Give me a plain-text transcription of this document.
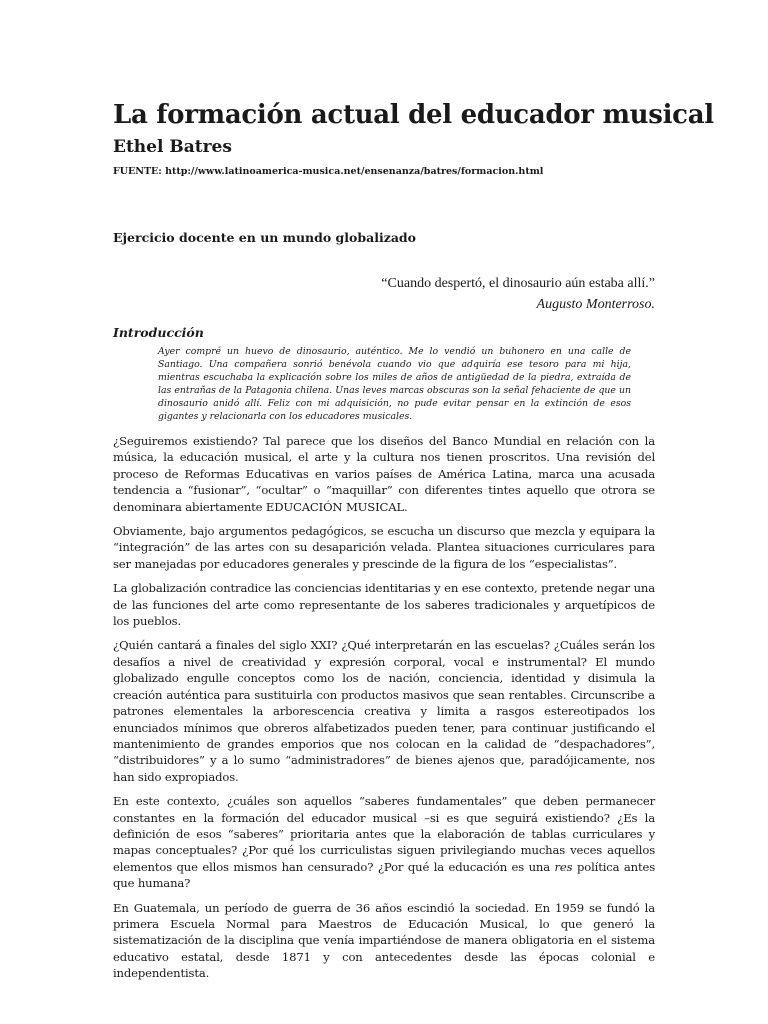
La formación actual del educador musical
Ethel Batres
FUENTE: http://www.latinoamerica-musica.net/ensenanza/batres/formacion.html
Ejercicio docente en un mundo globalizado
“Cuando despertó, el dinosaurio aún estaba allí.”
Augusto Monterroso.
Introducción
Ayer compré un huevo de dinosaurio, auténtico. Me lo vendió un buhonero en una calle de Santiago. Una compañera sonrió benévola cuando vio que adquiría ese tesoro para mi hija, mientras escuchaba la explicación sobre los miles de años de antigüedad de la piedra, extraída de las entrañas de la Patagonia chilena. Unas leves marcas obscuras son la señal fehaciente de que un dinosaurio anidó allí. Feliz con mi adquisición, no pude evitar pensar en la extinción de esos gigantes y relacionarla con los educadores musicales.

¿Seguiremos existiendo? Tal parece que los diseños del Banco Mundial en relación con la música, la educación musical, el arte y la cultura nos tienen proscritos. Una revisión del proceso de Reformas Educativas en varios países de América Latina, marca una acusada tendencia a “fusionar”, “ocultar” o “maquillar” con diferentes tintes aquello que otrora se denominara abiertamente EDUCACIÓN MUSICAL.

Obviamente, bajo argumentos pedagógicos, se escucha un discurso que mezcla y equipara la “integración” de las artes con su desaparición velada. Plantea situaciones curriculares para ser manejadas por educadores generales y prescinde de la figura de los “especialistas”.

La globalización contradice las conciencias identitarias y en ese contexto, pretende negar una de las funciones del arte como representante de los saberes tradicionales y arquetípicos de los pueblos.

¿Quién cantará a finales del siglo XXI? ¿Qué interpretarán en las escuelas? ¿Cuáles serán los desafíos a nivel de creatividad y expresión corporal, vocal e instrumental? El mundo globalizado engulle conceptos como los de nación, conciencia, identidad y disimula la creación auténtica para sustituirla con productos masivos que sean rentables. Circunscribe a patrones elementales la arborescencia creativa y limita a rasgos estereotipados los enunciados mínimos que obreros alfabetizados pueden tener, para continuar justificando el mantenimiento de grandes emporios que nos colocan en la calidad de “despachadores”, “distribuidores” y a lo sumo “administradores” de bienes ajenos que, paradójicamente, nos han sido expropiados.

En este contexto, ¿cuáles son aquellos “saberes fundamentales” que deben permanecer constantes en la formación del educador musical –si es que seguirá existiendo? ¿Es la definición de esos “saberes” prioritaria antes que la elaboración de tablas curriculares y mapas conceptuales? ¿Por qué los curriculistas siguen privilegiando muchas veces aquellos elementos que ellos mismos han censurado? ¿Por qué la educación es una res política antes que humana?

En Guatemala, un período de guerra de 36 años escindió la sociedad. En 1959 se fundó la primera Escuela Normal para Maestros de Educación Musical, lo que generó la sistematización de la disciplina que venía impartiéndose de manera obligatoria en el sistema educativo estatal, desde 1871 y con antecedentes desde las épocas colonial e independentista.
